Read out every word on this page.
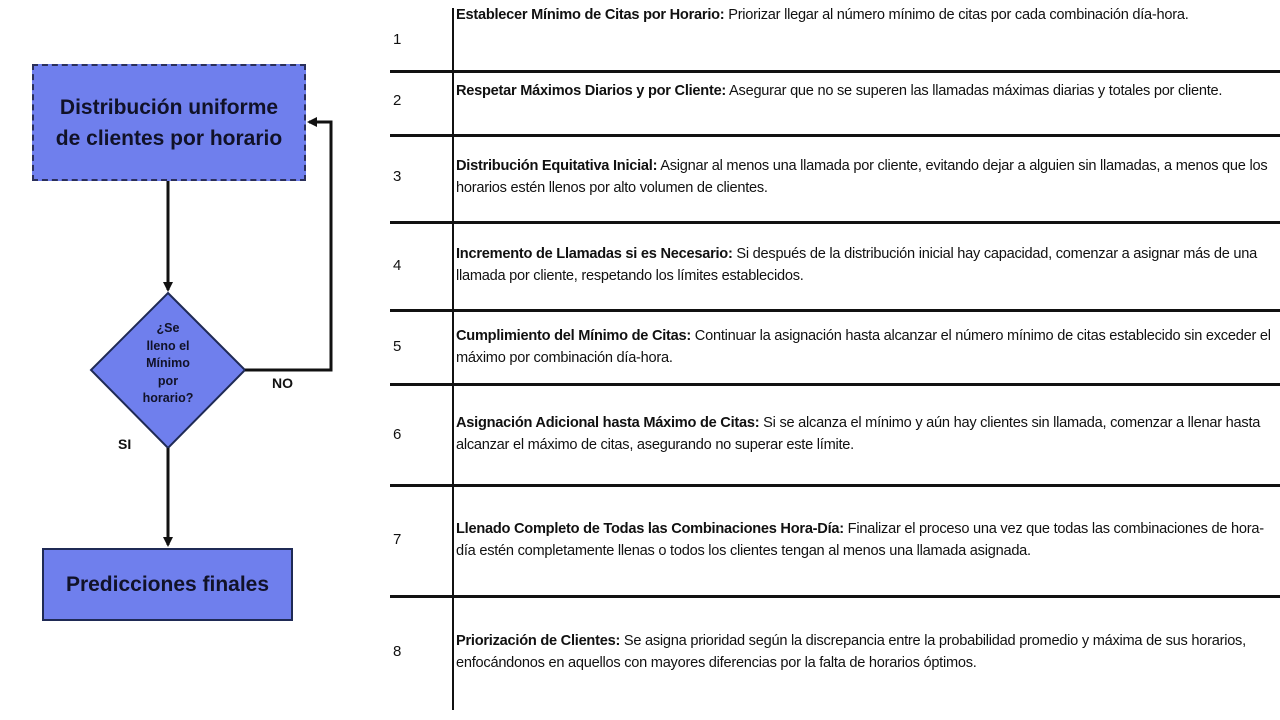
Distribución uniforme de clientes por horario
¿Se
lleno el
Mínimo
por
horario?
NO
SI
Predicciones finales
1
Establecer Mínimo de Citas por Horario: Priorizar llegar al número mínimo de citas por cada combinación día-hora.
2
Respetar Máximos Diarios y por Cliente: Asegurar que no se superen las llamadas máximas diarias y totales por cliente.
3
Distribución Equitativa Inicial: Asignar al menos una llamada por cliente, evitando dejar a alguien sin llamadas, a menos que los horarios estén llenos por alto volumen de clientes.
4
Incremento de Llamadas si es Necesario: Si después de la distribución inicial hay capacidad, comenzar a asignar más de una llamada por cliente, respetando los límites establecidos.
5
Cumplimiento del Mínimo de Citas: Continuar la asignación hasta alcanzar el número mínimo de citas establecido sin exceder el máximo por combinación día-hora.
6
Asignación Adicional hasta Máximo de Citas: Si se alcanza el mínimo y aún hay clientes sin llamada, comenzar a llenar hasta alcanzar el máximo de citas, asegurando no superar este límite.
7
Llenado Completo de Todas las Combinaciones Hora-Día: Finalizar el proceso una vez que todas las combinaciones de hora-día estén completamente llenas o todos los clientes tengan al menos una llamada asignada.
8
Priorización de Clientes: Se asigna prioridad según la discrepancia entre la probabilidad promedio y máxima de sus horarios, enfocándonos en aquellos con mayores diferencias por la falta de horarios óptimos.
